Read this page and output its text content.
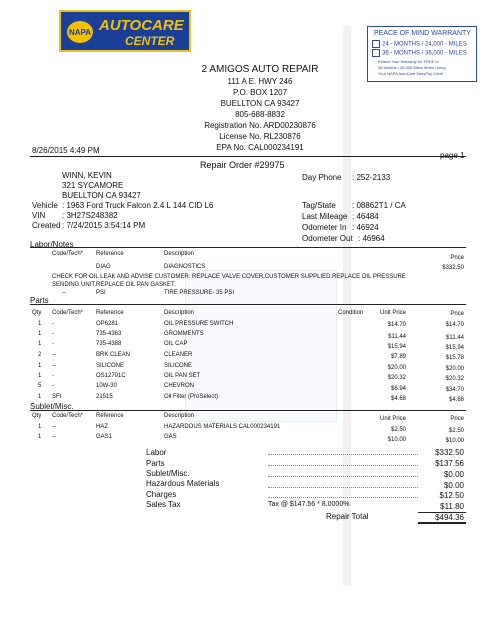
NAPA AUTOCARE
CENTER
PEACE OF MIND WARRANTY
24 - MONTHS / 24,000 - MILES
36 - MONTHS / 36,000 - MILES
Extend Your Warranty for FREE to
36 Months / 36,000 Miles When Using
Your NAPA AutoCare EasyPay Card!
2 AMIGOS AUTO REPAIR
111 A E. HWY 246
P.O. BOX 1207
BUELLTON CA 93427
805-688-8832
Registration No. ARD00230876
License No. RL230876
EPA No. CAL000234191
8/26/2015 4:49 PM
page 1
Repair Order #29975
WINN, KEVIN
321 SYCAMORE
BUELLTON CA 93427
Vehicle : 1963 Ford Truck Falcon 2.4 L 144 CID L6
VIN : 3H27S248382
Created : 7/24/2015 3:54:14 PM
Day Phone : 252-2133
Tag/State : 08862T1 / CA
Last Mileage : 46484
Odometer In : 46924
Odometer Out : 46964
Labor/Notes
Code/Tech* Reference	Description
Price
DIAG	DIAGNOSTICS	$332.50
CHECK FOR OIL LEAK AND ADVISE CUSTOMER. REPLACE VALVE COVER,CUSTOMER SUPPLIED.REPLACE OIL PRESSURE
SENDING UNIT.REPLACE OIL PAN GASKET.
--	PSI	TIRE PRESSURE- 35 PSI
Parts
Qty Code/Tech* Reference	Description	Condition	Unit Price	Price
1 -	OP6281	OIL PRESSURE SWITCH	$14.70	$14.70
1 -	735-4363	GROMMENTS	$11.44	$11.44
1 -	735-4388	OIL CAP	$15.94	$15.94
2 --	BRK CLEAN	CLEANER	$7.89	$15.78
1 --	SILICONE	SILICONE	$20.00	$20.00
1 -	OS12701C	OIL PAN SET	$20.32	$20.32
5 -	10W-30	CHEVRON	$6.94	$34.70
1 SFI	21515	Oil Filter (ProSelect)	$4.68	$4.68
Sublet/Misc.
Qty Code/Tech* Reference	Description	Unit Price	Price
1 --	HAZ	HAZARDOUS MATERIALS CAL000234191	$2.50	$2.50
1 --	GAS1	GAS	$10.00	$10.00
Labor	$332.50
Parts	$137.56
Sublet/Misc.	$0.00
Hazardous Materials	$0.00
Charges	$12.50
Sales Tax	Tax @ $147.56 * 8.0000%	$11.80
Repair Total	$494.36
